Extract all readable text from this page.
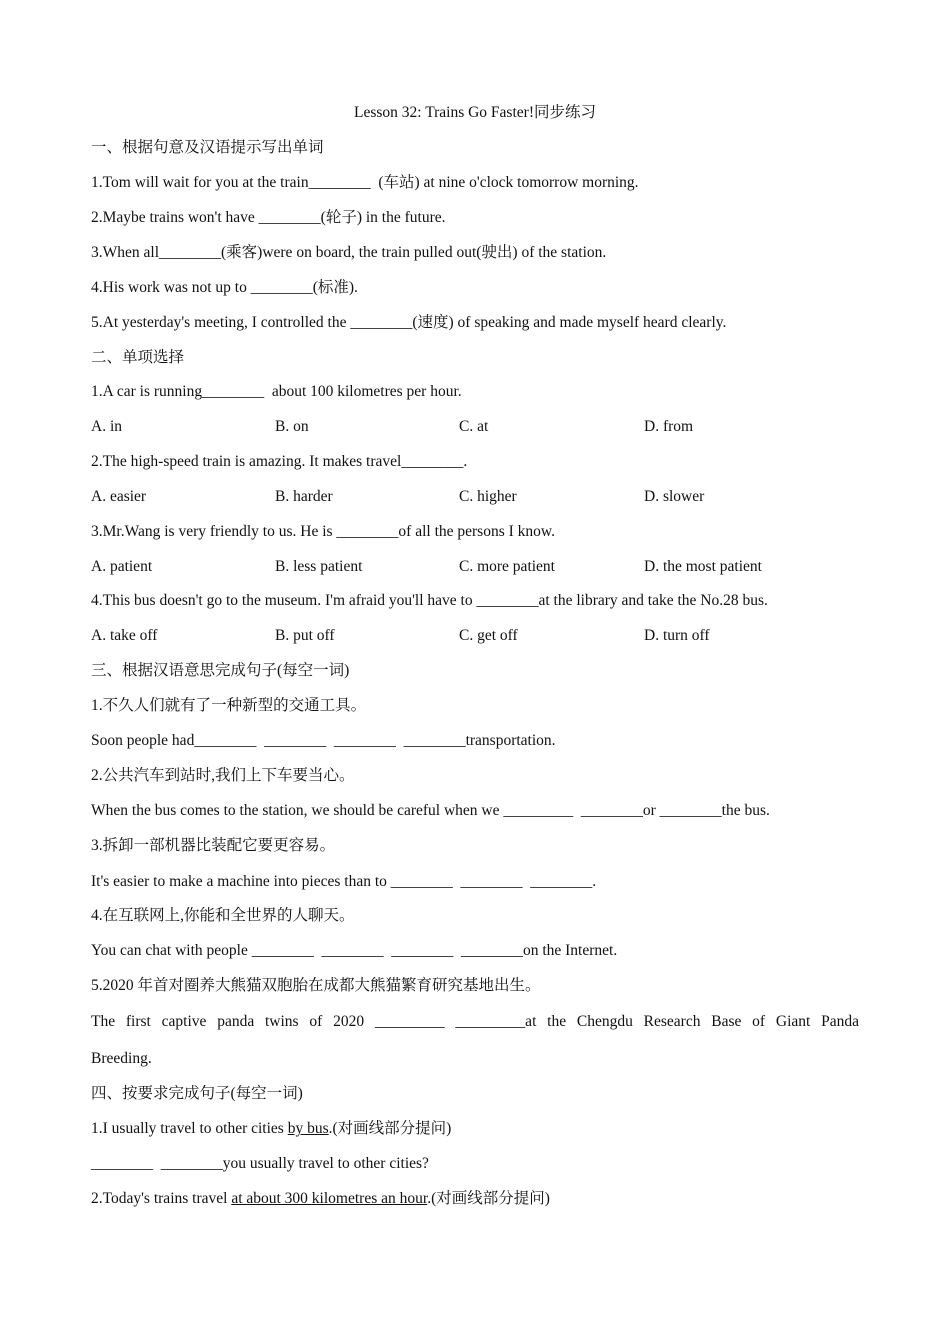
Lesson 32: Trains Go Faster!同步练习
一、根据句意及汉语提示写出单词
1.Tom will wait for you at the train________  (车站) at nine o'clock tomorrow morning.
2.Maybe trains won't have ________(轮子) in the future.
3.When all________(乘客)were on board, the train pulled out(驶出) of the station.
4.His work was not up to ________(标准).
5.At yesterday's meeting, I controlled the ________(速度) of speaking and made myself heard clearly.
二、单项选择
1.A car is running________  about 100 kilometres per hour.
A. in	B. on	C. at	D. from
2.The high-speed train is amazing. It makes travel________.
A. easier	B. harder	C. higher	D. slower
3.Mr.Wang is very friendly to us. He is ________of all the persons I know.
A. patient	B. less patient	C. more patient	D. the most patient
4.This bus doesn't go to the museum. I'm afraid you'll have to ________at the library and take the No.28 bus.
A. take off	B. put off	C. get off	D. turn off
三、根据汉语意思完成句子(每空一词)
1.不久人们就有了一种新型的交通工具。
Soon people had________  ________  ________  ________transportation.
2.公共汽车到站时,我们上下车要当心。
When the bus comes to the station, we should be careful when we _________  ________or ________the bus.
3.拆卸一部机器比装配它要更容易。
It's easier to make a machine into pieces than to ________  ________  ________.
4.在互联网上,你能和全世界的人聊天。
You can chat with people ________  ________  ________  ________on the Internet.
5.2020 年首对圈养大熊猫双胞胎在成都大熊猫繁育研究基地出生。
The first captive panda twins of 2020 _________ _________at the Chengdu Research Base of Giant Panda
Breeding.
四、按要求完成句子(每空一词)
1.I usually travel to other cities by bus.(对画线部分提问)
________  ________you usually travel to other cities?
2.Today's trains travel at about 300 kilometres an hour.(对画线部分提问)
